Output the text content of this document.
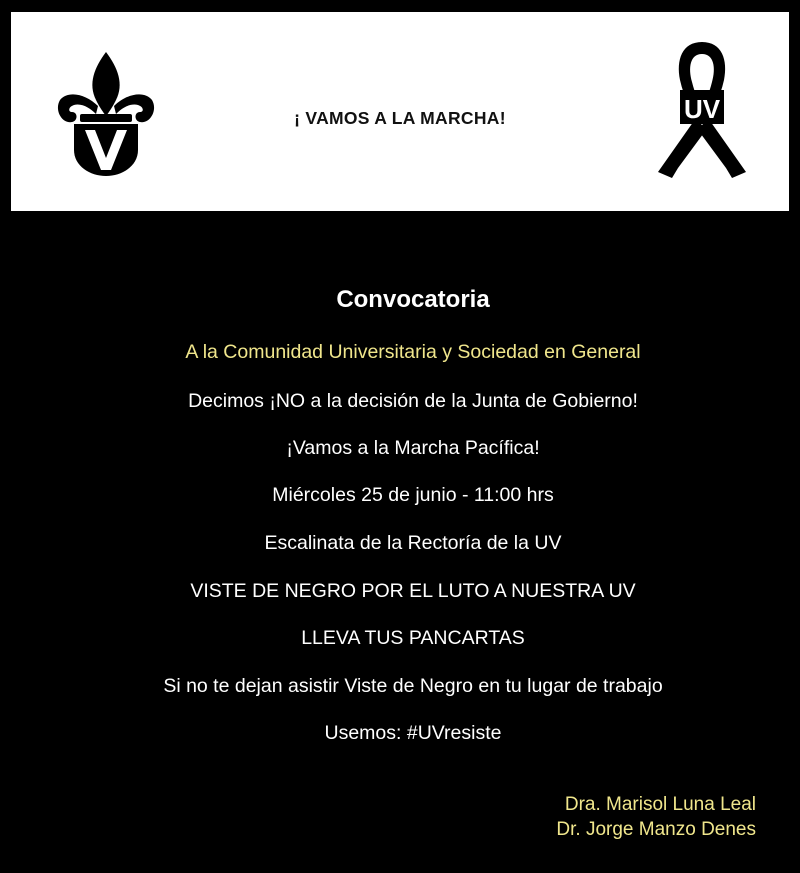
¡ VAMOS A LA MARCHA!	UV
Convocatoria
A la Comunidad Universitaria y Sociedad en General
Decimos ¡NO a la decisión de la Junta de Gobierno!
¡Vamos a la Marcha Pacífica!
Miércoles 25 de junio - 11:00 hrs
Escalinata de la Rectoría de la UV
VISTE DE NEGRO POR EL LUTO A NUESTRA UV
LLEVA TUS PANCARTAS
Si no te dejan asistir Viste de Negro en tu lugar de trabajo
Usemos: #UVresiste
Dra. Marisol Luna Leal
Dr. Jorge Manzo Denes
